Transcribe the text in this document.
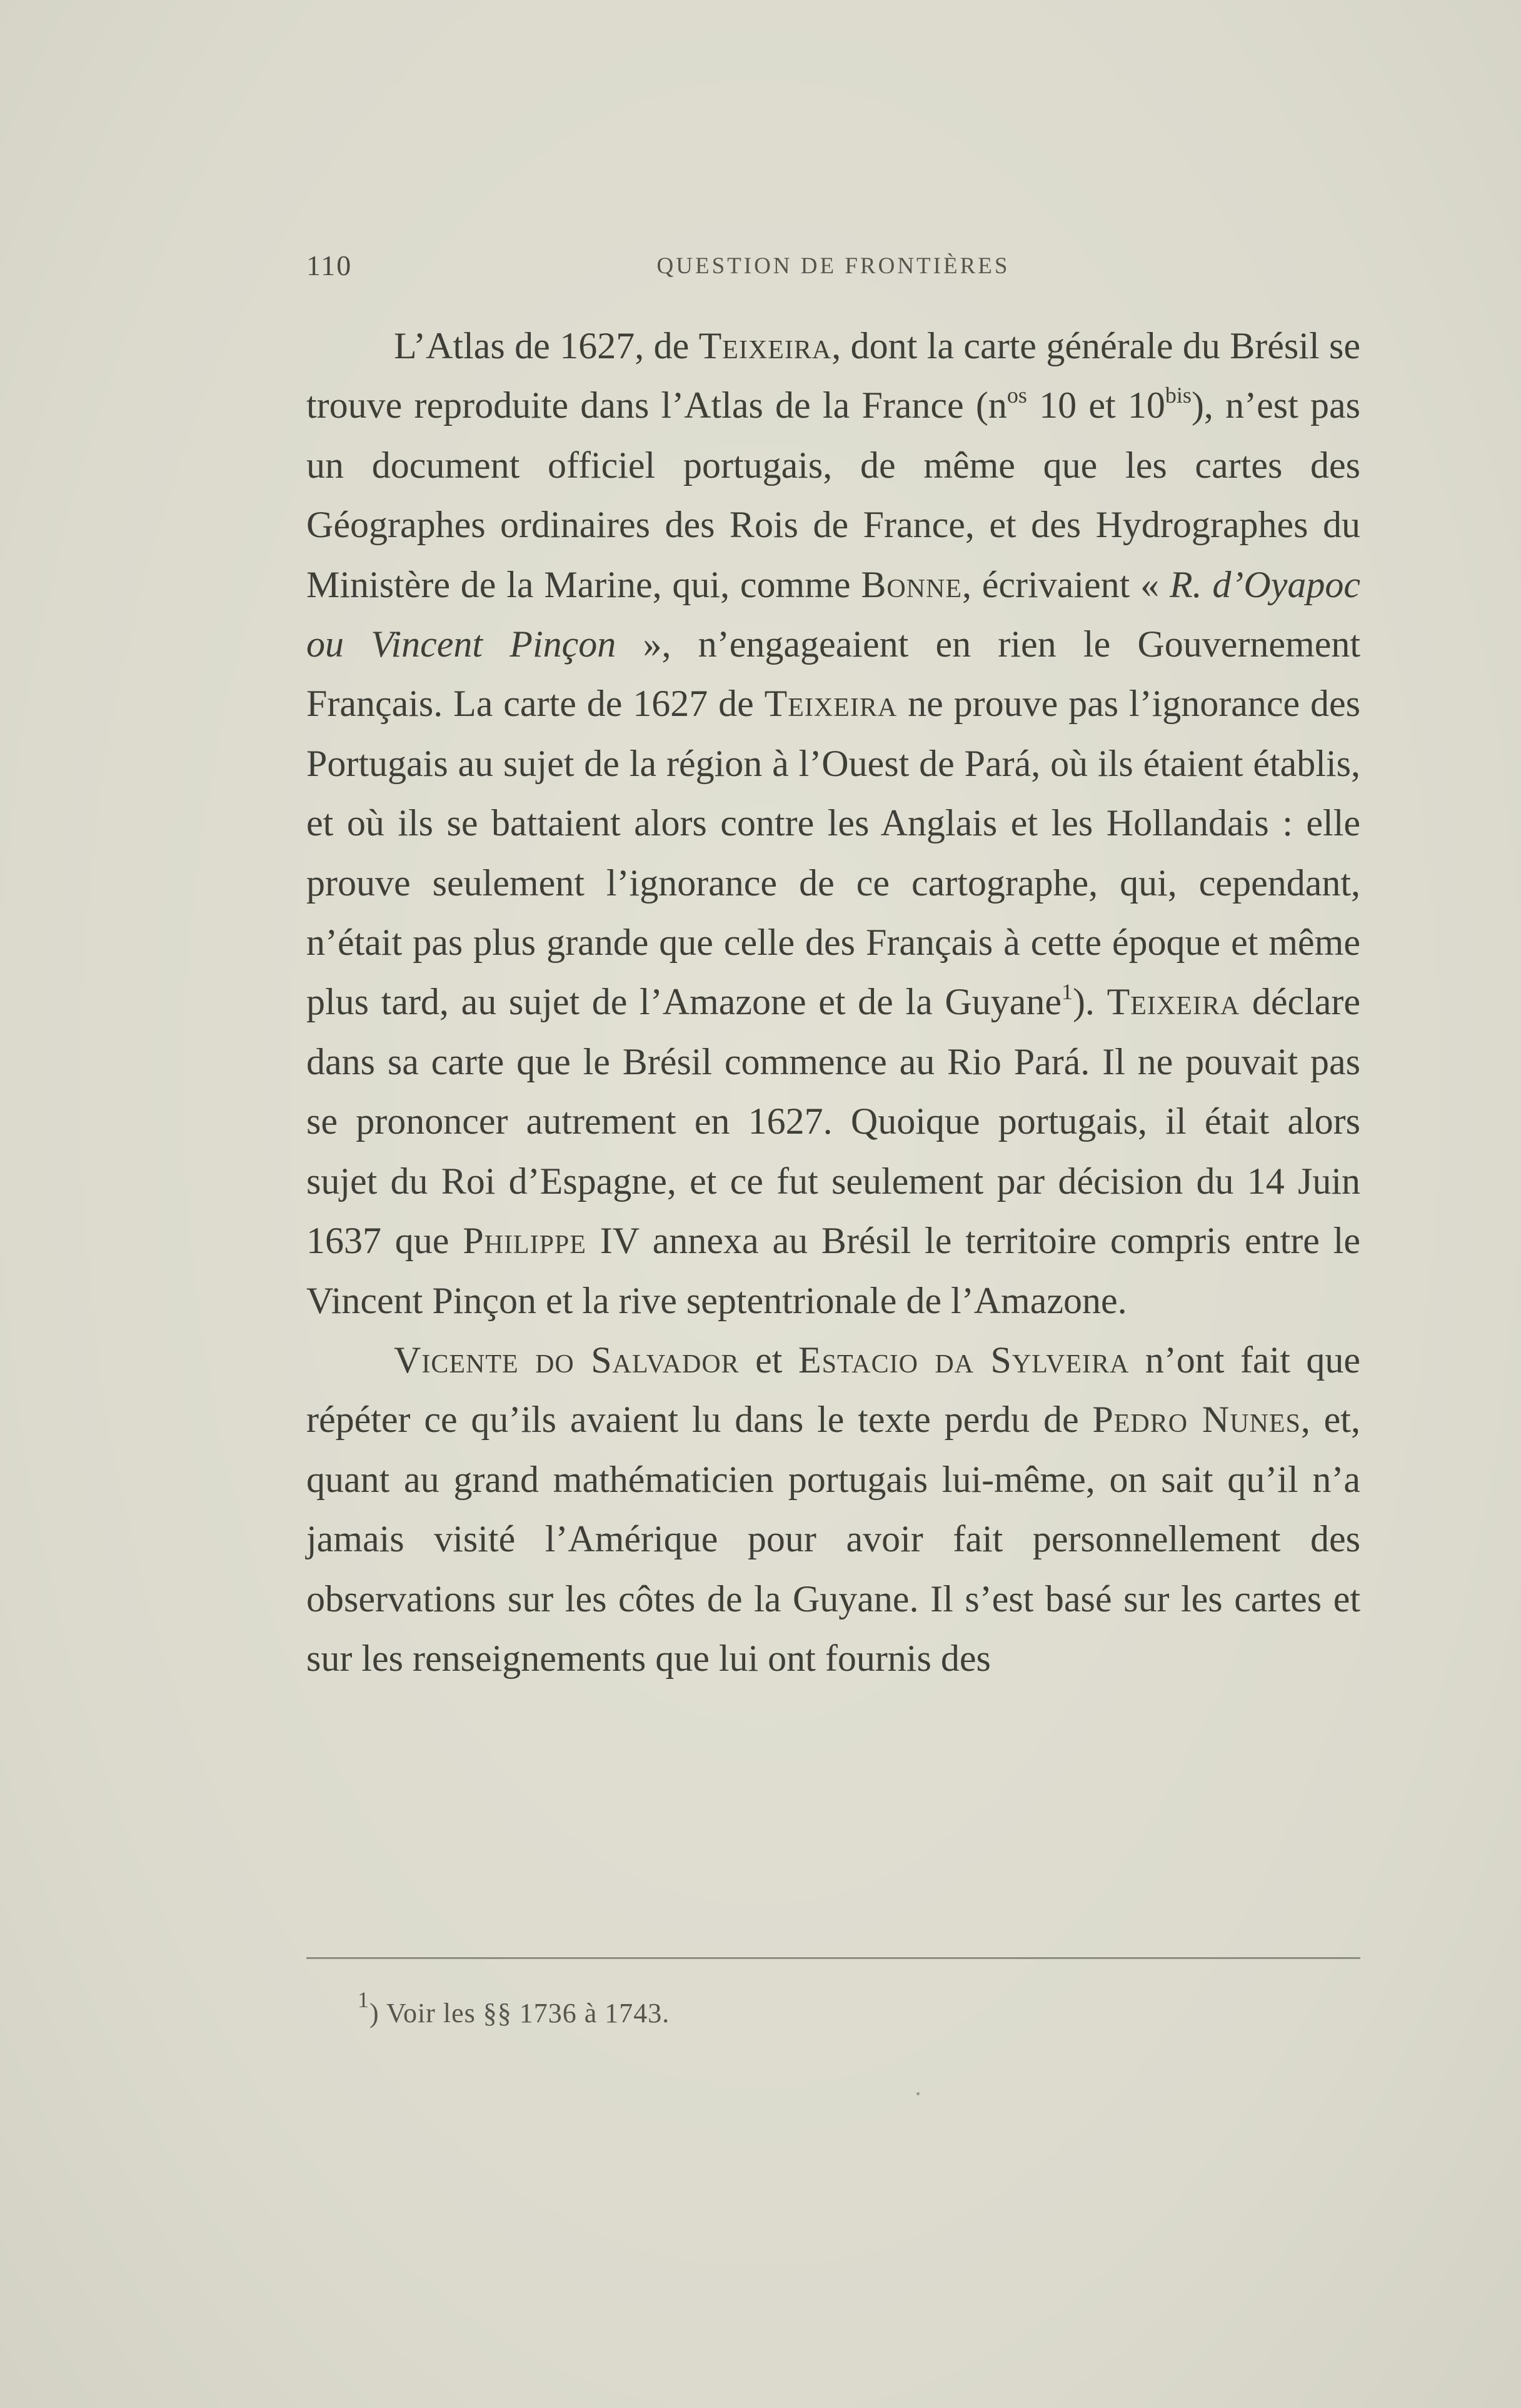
110	QUESTION DE FRONTIÈRES

L’Atlas de 1627, de Teixeira, dont la carte générale du Brésil se trouve reproduite dans l’Atlas de la France ($n^{os}$ 10 et $10^{bis}$), n’est pas un document officiel portugais, de même que les cartes des Géographes ordinaires des Rois de France, et des Hydrographes du Ministère de la Marine, qui, comme Bonne, écrivaient « R. d’Oyapoc ou Vincent Pinçon », n’engageaient en rien le Gouvernement Français. La carte de 1627 de Teixeira ne prouve pas l’ignorance des Portugais au sujet de la région à l’Ouest de Pará, où ils étaient établis, et où ils se battaient alors contre les Anglais et les Hollandais : elle prouve seulement l’ignorance de ce cartographe, qui, cependant, n’était pas plus grande que celle des Français à cette époque et même plus tard, au sujet de l’Amazone et de la Guyane$^1$). Teixeira déclare dans sa carte que le Brésil commence au Rio Pará. Il ne pouvait pas se prononcer autrement en 1627. Quoique portugais, il était alors sujet du Roi d’Espagne, et ce fut seulement par décision du 14 Juin 1637 que Philippe IV annexa au Brésil le territoire compris entre le Vincent Pinçon et la rive septentrionale de l’Amazone.

Vicente do Salvador et Estacio da Sylveira n’ont fait que répéter ce qu’ils avaient lu dans le texte perdu de Pedro Nunes, et, quant au grand mathématicien portugais lui-même, on sait qu’il n’a jamais visité l’Amérique pour avoir fait personnellement des observations sur les côtes de la Guyane. Il s’est basé sur les cartes et sur les renseignements que lui ont fournis des

$^1$) Voir les §§ 1736 à 1743.
